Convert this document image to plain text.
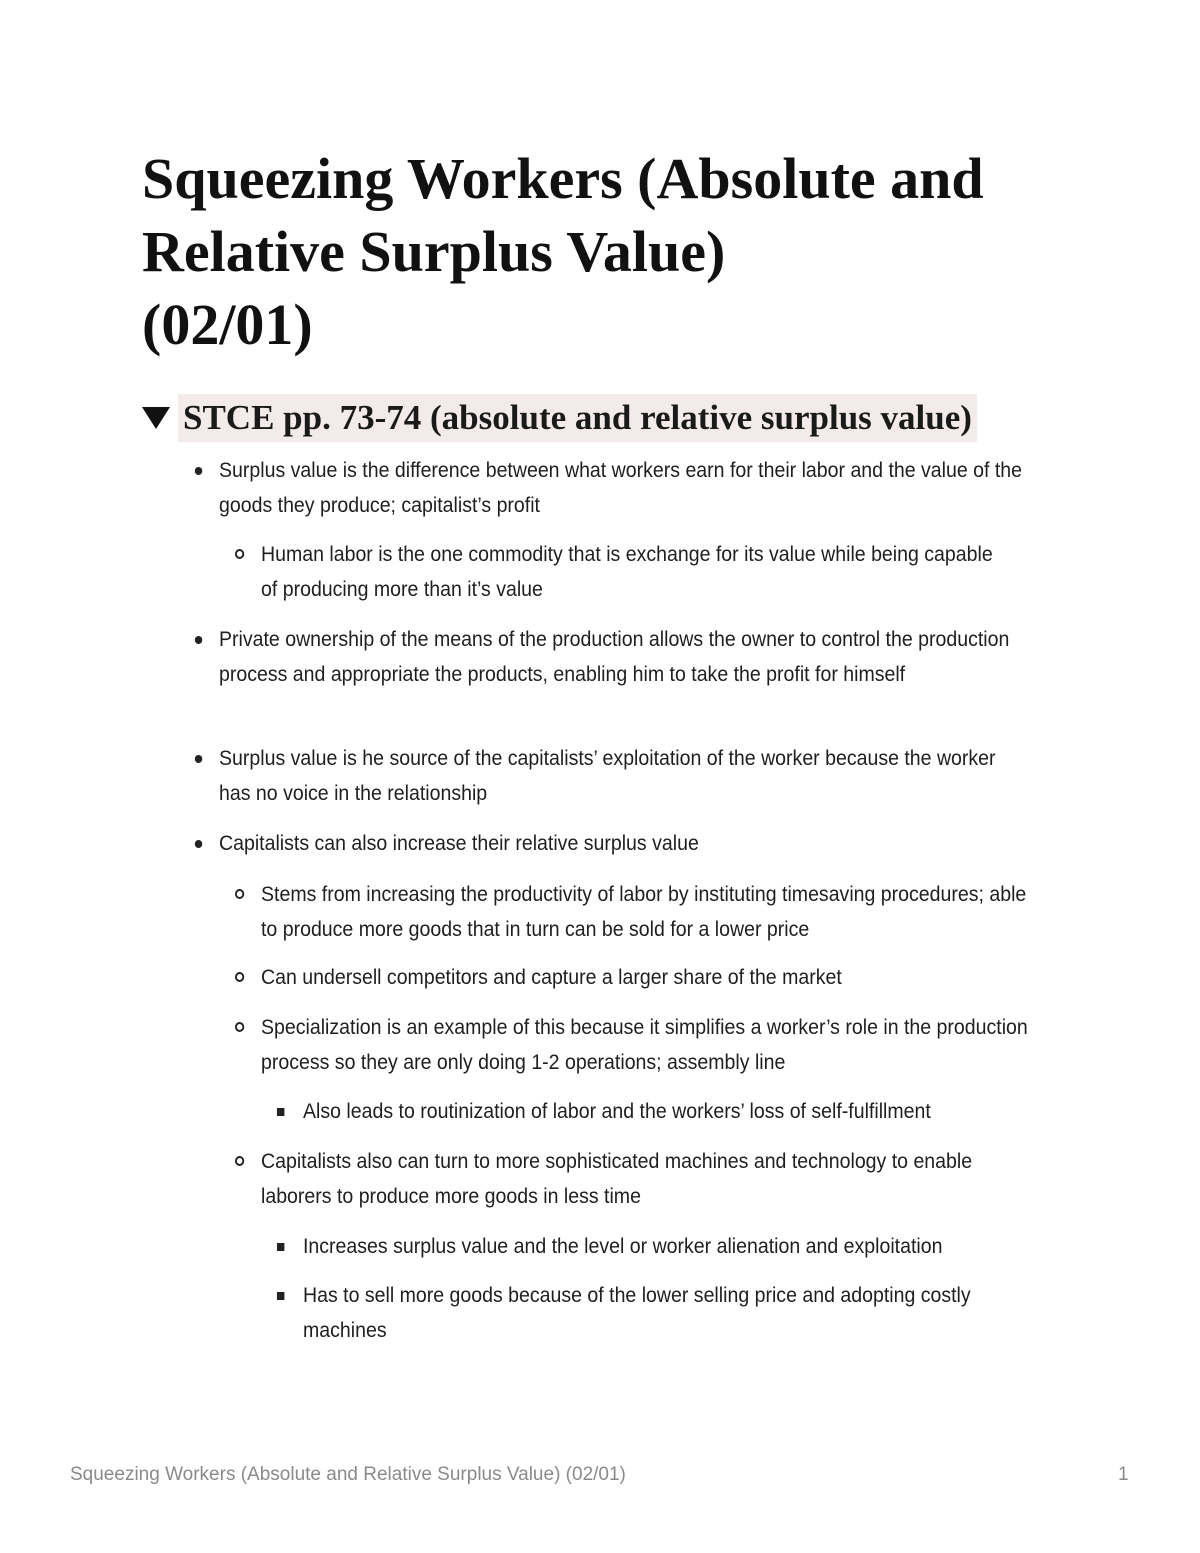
Squeezing Workers (Absolute and
Relative Surplus Value)
(02/01)
STCE pp. 73-74 (absolute and relative surplus value)
Surplus value is the difference between what workers earn for their labor and the value of the goods they produce; capitalist’s profit
Human labor is the one commodity that is exchange for its value while being capable of producing more than it’s value
Private ownership of the means of the production allows the owner to control the production process and appropriate the products, enabling him to take the profit for himself
Surplus value is he source of the capitalists’ exploitation of the worker because the worker has no voice in the relationship
Capitalists can also increase their relative surplus value
Stems from increasing the productivity of labor by instituting timesaving procedures; able to produce more goods that in turn can be sold for a lower price
Can undersell competitors and capture a larger share of the market
Specialization is an example of this because it simplifies a worker’s role in the production process so they are only doing 1-2 operations; assembly line
Also leads to routinization of labor and the workers’ loss of self-fulfillment
Capitalists also can turn to more sophisticated machines and technology to enable laborers to produce more goods in less time
Increases surplus value and the level or worker alienation and exploitation
Has to sell more goods because of the lower selling price and adopting costly machines
Squeezing Workers (Absolute and Relative Surplus Value) (02/01)	1
